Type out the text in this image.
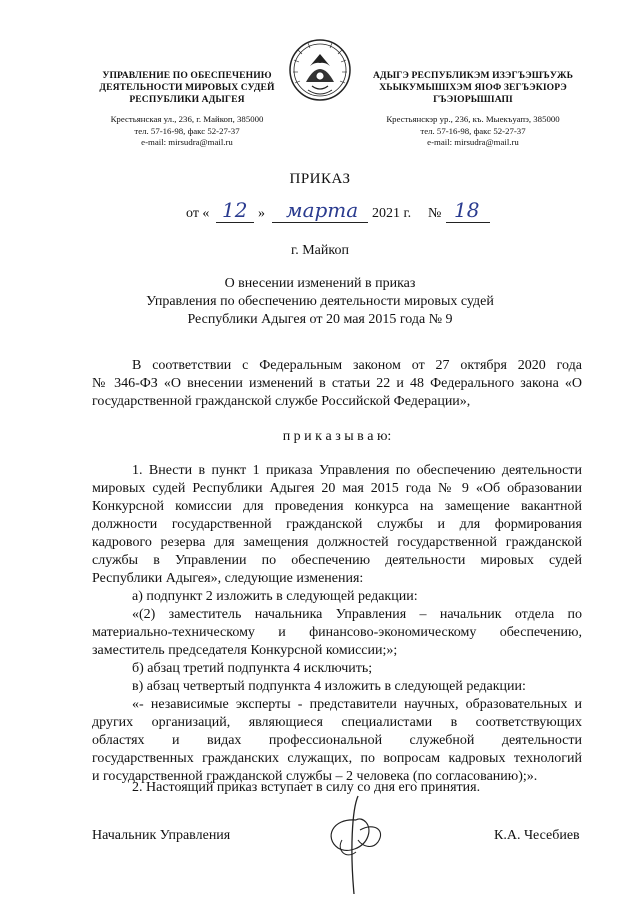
УПРАВЛЕНИЕ ПО ОБЕСПЕЧЕНИЮ
ДЕЯТЕЛЬНОСТИ МИРОВЫХ СУДЕЙ
РЕСПУБЛИКИ АДЫГЕЯ
Крестьянская ул., 236, г. Майкоп, 385000
тел. 57-16-98, факс 52-27-37
e-mail: mirsudra@mail.ru
АДЫГЭ РЕСПУБЛИКЭМ ИЗЭГЪЭШЪУЖЬ
ХЬЫКУМЫШІХЭМ ЯІОФ ЗЕГЪЭКІОРЭ
ГЪЭІОРЫШІАПІ
Крестьянскэр ур., 236, къ. Мыекъуапэ, 385000
тел. 57-16-98, факс 52-27-37
e-mail: mirsudra@mail.ru
ПРИКАЗ
от « 12 » марта 2021 г. № 18
г. Майкоп
О внесении изменений в приказ
Управления по обеспечению деятельности мировых судей
Республики Адыгея от 20 мая 2015 года № 9
В соответствии с Федеральным законом от 27 октября 2020 года
№ 346-ФЗ «О внесении изменений в статьи 22 и 48 Федерального закона «О
государственной гражданской службе Российской Федерации»,
п р и к а з ы в а ю:
1. Внести в пункт 1 приказа Управления по обеспечению деятельности
мировых судей Республики Адыгея 20 мая 2015 года № 9 «Об образовании
Конкурсной комиссии для проведения конкурса на замещение вакантной
должности государственной гражданской службы и для формирования
кадрового резерва для замещения должностей государственной гражданской
службы в Управлении по обеспечению деятельности мировых судей
Республики Адыгея», следующие изменения:
а) подпункт 2 изложить в следующей редакции:
«(2) заместитель начальника Управления – начальник отдела по
материально-техническому и финансово-экономическому обеспечению,
заместитель председателя Конкурсной комиссии;»;
б) абзац третий подпункта 4 исключить;
в) абзац четвертый подпункта 4 изложить в следующей редакции:
«- независимые эксперты - представители научных, образовательных и
других организаций, являющиеся специалистами в соответствующих
областях и видах профессиональной служебной деятельности
государственных гражданских служащих, по вопросам кадровых технологий
и государственной гражданской службы – 2 человека (по согласованию);».
2. Настоящий приказ вступает в силу со дня его принятия.
Начальник Управления	К.А. Чесебиев
